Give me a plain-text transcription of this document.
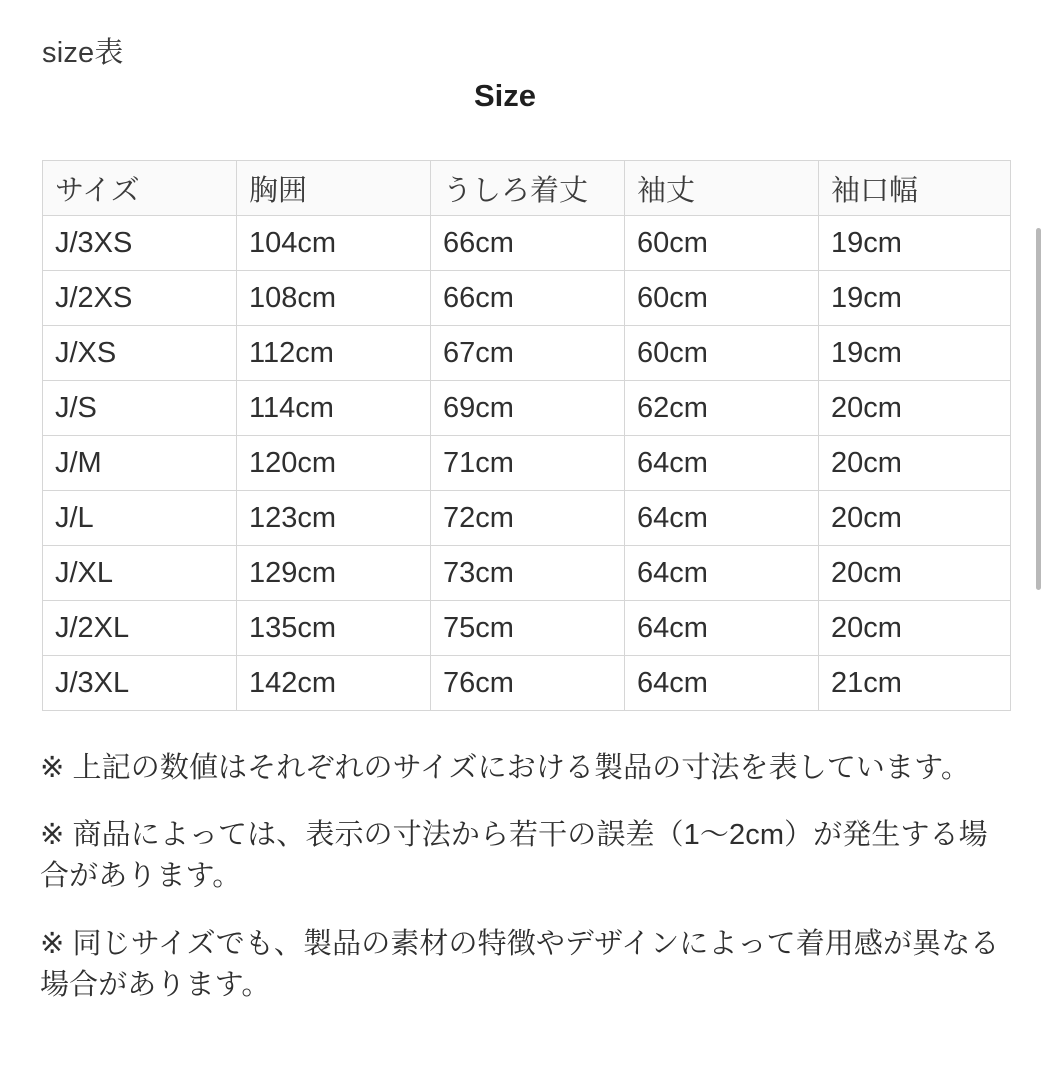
size表
Size
サイズ	胸囲	うしろ着丈	袖丈	袖口幅
J/3XS	104cm	66cm	60cm	19cm
J/2XS	108cm	66cm	60cm	19cm
J/XS	112cm	67cm	60cm	19cm
J/S	114cm	69cm	62cm	20cm
J/M	120cm	71cm	64cm	20cm
J/L	123cm	72cm	64cm	20cm
J/XL	129cm	73cm	64cm	20cm
J/2XL	135cm	75cm	64cm	20cm
J/3XL	142cm	76cm	64cm	21cm
※ 上記の数値はそれぞれのサイズにおける製品の寸法を表しています。
※ 商品によっては、表示の寸法から若干の誤差（1〜2cm）が発生する場合があります。
※ 同じサイズでも、製品の素材の特徴やデザインによって着用感が異なる場合があります。
